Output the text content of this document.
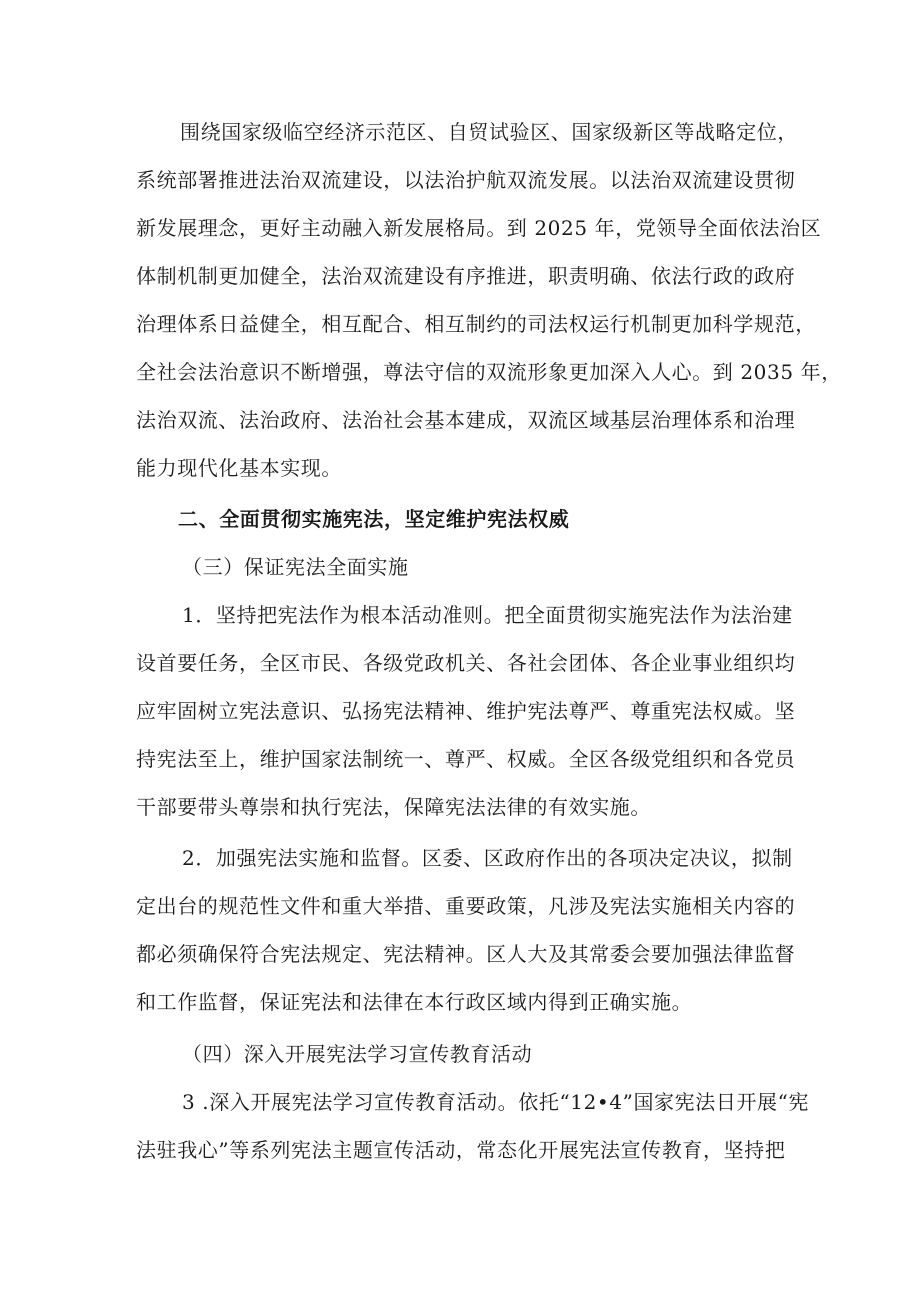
围绕国家级临空经济示范区、自贸试验区、国家级新区等战略定位，
系统部署推进法治双流建设，以法治护航双流发展。以法治双流建设贯彻
新发展理念，更好主动融入新发展格局。到 2025 年，党领导全面依法治区
体制机制更加健全，法治双流建设有序推进，职责明确、依法行政的政府
治理体系日益健全，相互配合、相互制约的司法权运行机制更加科学规范，
全社会法治意识不断增强，尊法守信的双流形象更加深入人心。到 2035 年，
法治双流、法治政府、法治社会基本建成，双流区域基层治理体系和治理
能力现代化基本实现。
二、全面贯彻实施宪法，坚定维护宪法权威
（三）保证宪法全面实施
1．坚持把宪法作为根本活动准则。把全面贯彻实施宪法作为法治建
设首要任务，全区市民、各级党政机关、各社会团体、各企业事业组织均
应牢固树立宪法意识、弘扬宪法精神、维护宪法尊严、尊重宪法权威。坚
持宪法至上，维护国家法制统一、尊严、权威。全区各级党组织和各党员
干部要带头尊崇和执行宪法，保障宪法法律的有效实施。
2．加强宪法实施和监督。区委、区政府作出的各项决定决议，拟制
定出台的规范性文件和重大举措、重要政策，凡涉及宪法实施相关内容的
都必须确保符合宪法规定、宪法精神。区人大及其常委会要加强法律监督
和工作监督，保证宪法和法律在本行政区域内得到正确实施。
（四）深入开展宪法学习宣传教育活动
3 .深入开展宪法学习宣传教育活动。依托“12•4”国家宪法日开展“宪
法驻我心”等系列宪法主题宣传活动，常态化开展宪法宣传教育，坚持把
